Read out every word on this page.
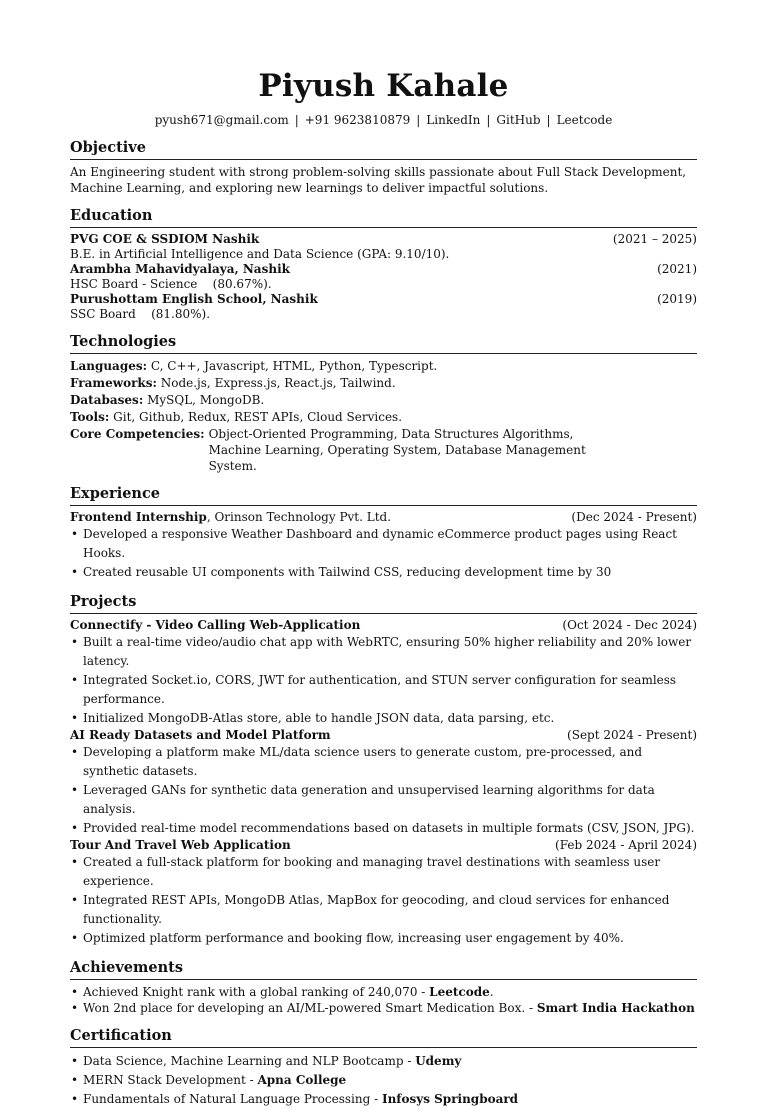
Piyush Kahale
pyush671@gmail.com | +91 9623810879 | LinkedIn | GitHub | Leetcode
Objective
An Engineering student with strong problem-solving skills passionate about Full Stack Development, Machine Learning, and exploring new learnings to deliver impactful solutions.
Education
PVG COE & SSDIOM Nashik	(2021 – 2025)
B.E. in Artificial Intelligence and Data Science (GPA: 9.10/10).
Arambha Mahavidyalaya, Nashik	(2021)
HSC Board - Science    (80.67%).
Purushottam English School, Nashik	(2019)
SSC Board    (81.80%).
Technologies
Languages: C, C++, Javascript, HTML, Python, Typescript.
Frameworks: Node.js, Express.js, React.js, Tailwind.
Databases: MySQL, MongoDB.
Tools: Git, Github, Redux, REST APIs, Cloud Services.
Core Competencies: Object-Oriented Programming, Data Structures Algorithms, Machine Learning, Operating System, Database Management System.
Experience
Frontend Internship, Orinson Technology Pvt. Ltd.	(Dec 2024 - Present)
• Developed a responsive Weather Dashboard and dynamic eCommerce product pages using React Hooks.
• Created reusable UI components with Tailwind CSS, reducing development time by 30
Projects
Connectify - Video Calling Web-Application	(Oct 2024 - Dec 2024)
• Built a real-time video/audio chat app with WebRTC, ensuring 50% higher reliability and 20% lower latency.
• Integrated Socket.io, CORS, JWT for authentication, and STUN server configuration for seamless performance.
• Initialized MongoDB-Atlas store, able to handle JSON data, data parsing, etc.
AI Ready Datasets and Model Platform	(Sept 2024 - Present)
• Developing a platform make ML/data science users to generate custom, pre-processed, and synthetic datasets.
• Leveraged GANs for synthetic data generation and unsupervised learning algorithms for data analysis.
• Provided real-time model recommendations based on datasets in multiple formats (CSV, JSON, JPG).
Tour And Travel Web Application	(Feb 2024 - April 2024)
• Created a full-stack platform for booking and managing travel destinations with seamless user experience.
• Integrated REST APIs, MongoDB Atlas, MapBox for geocoding, and cloud services for enhanced functionality.
• Optimized platform performance and booking flow, increasing user engagement by 40%.
Achievements
• Achieved Knight rank with a global ranking of 240,070 - Leetcode.
• Won 2nd place for developing an AI/ML-powered Smart Medication Box. - Smart India Hackathon
Certification
• Data Science, Machine Learning and NLP Bootcamp - Udemy
• MERN Stack Development - Apna College
• Fundamentals of Natural Language Processing - Infosys Springboard
